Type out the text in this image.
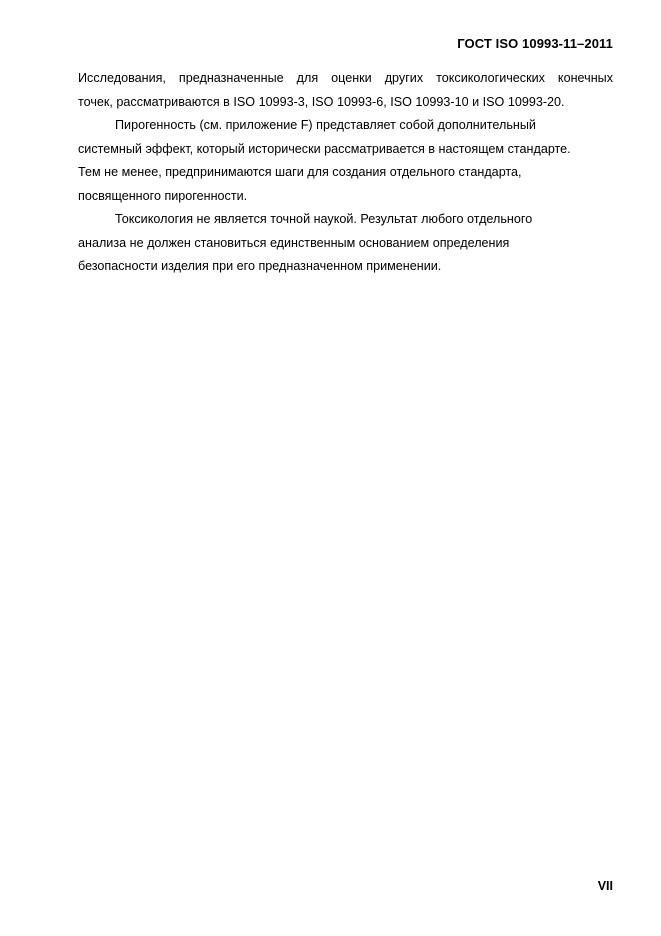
ГОСТ ISO 10993-11–2011

Исследования, предназначенные для оценки других токсикологических конечных
точек, рассматриваются в ISO 10993-3, ISO 10993-6, ISO 10993-10 и ISO 10993-20.

Пирогенность (см. приложение F) представляет собой дополнительный
системный эффект, который исторически рассматривается в настоящем стандарте.
Тем не менее, предпринимаются шаги для создания отдельного стандарта,
посвященного пирогенности.

Токсикология не является точной наукой. Результат любого отдельного
анализа не должен становиться единственным основанием определения
безопасности изделия при его предназначенном применении.

VII
